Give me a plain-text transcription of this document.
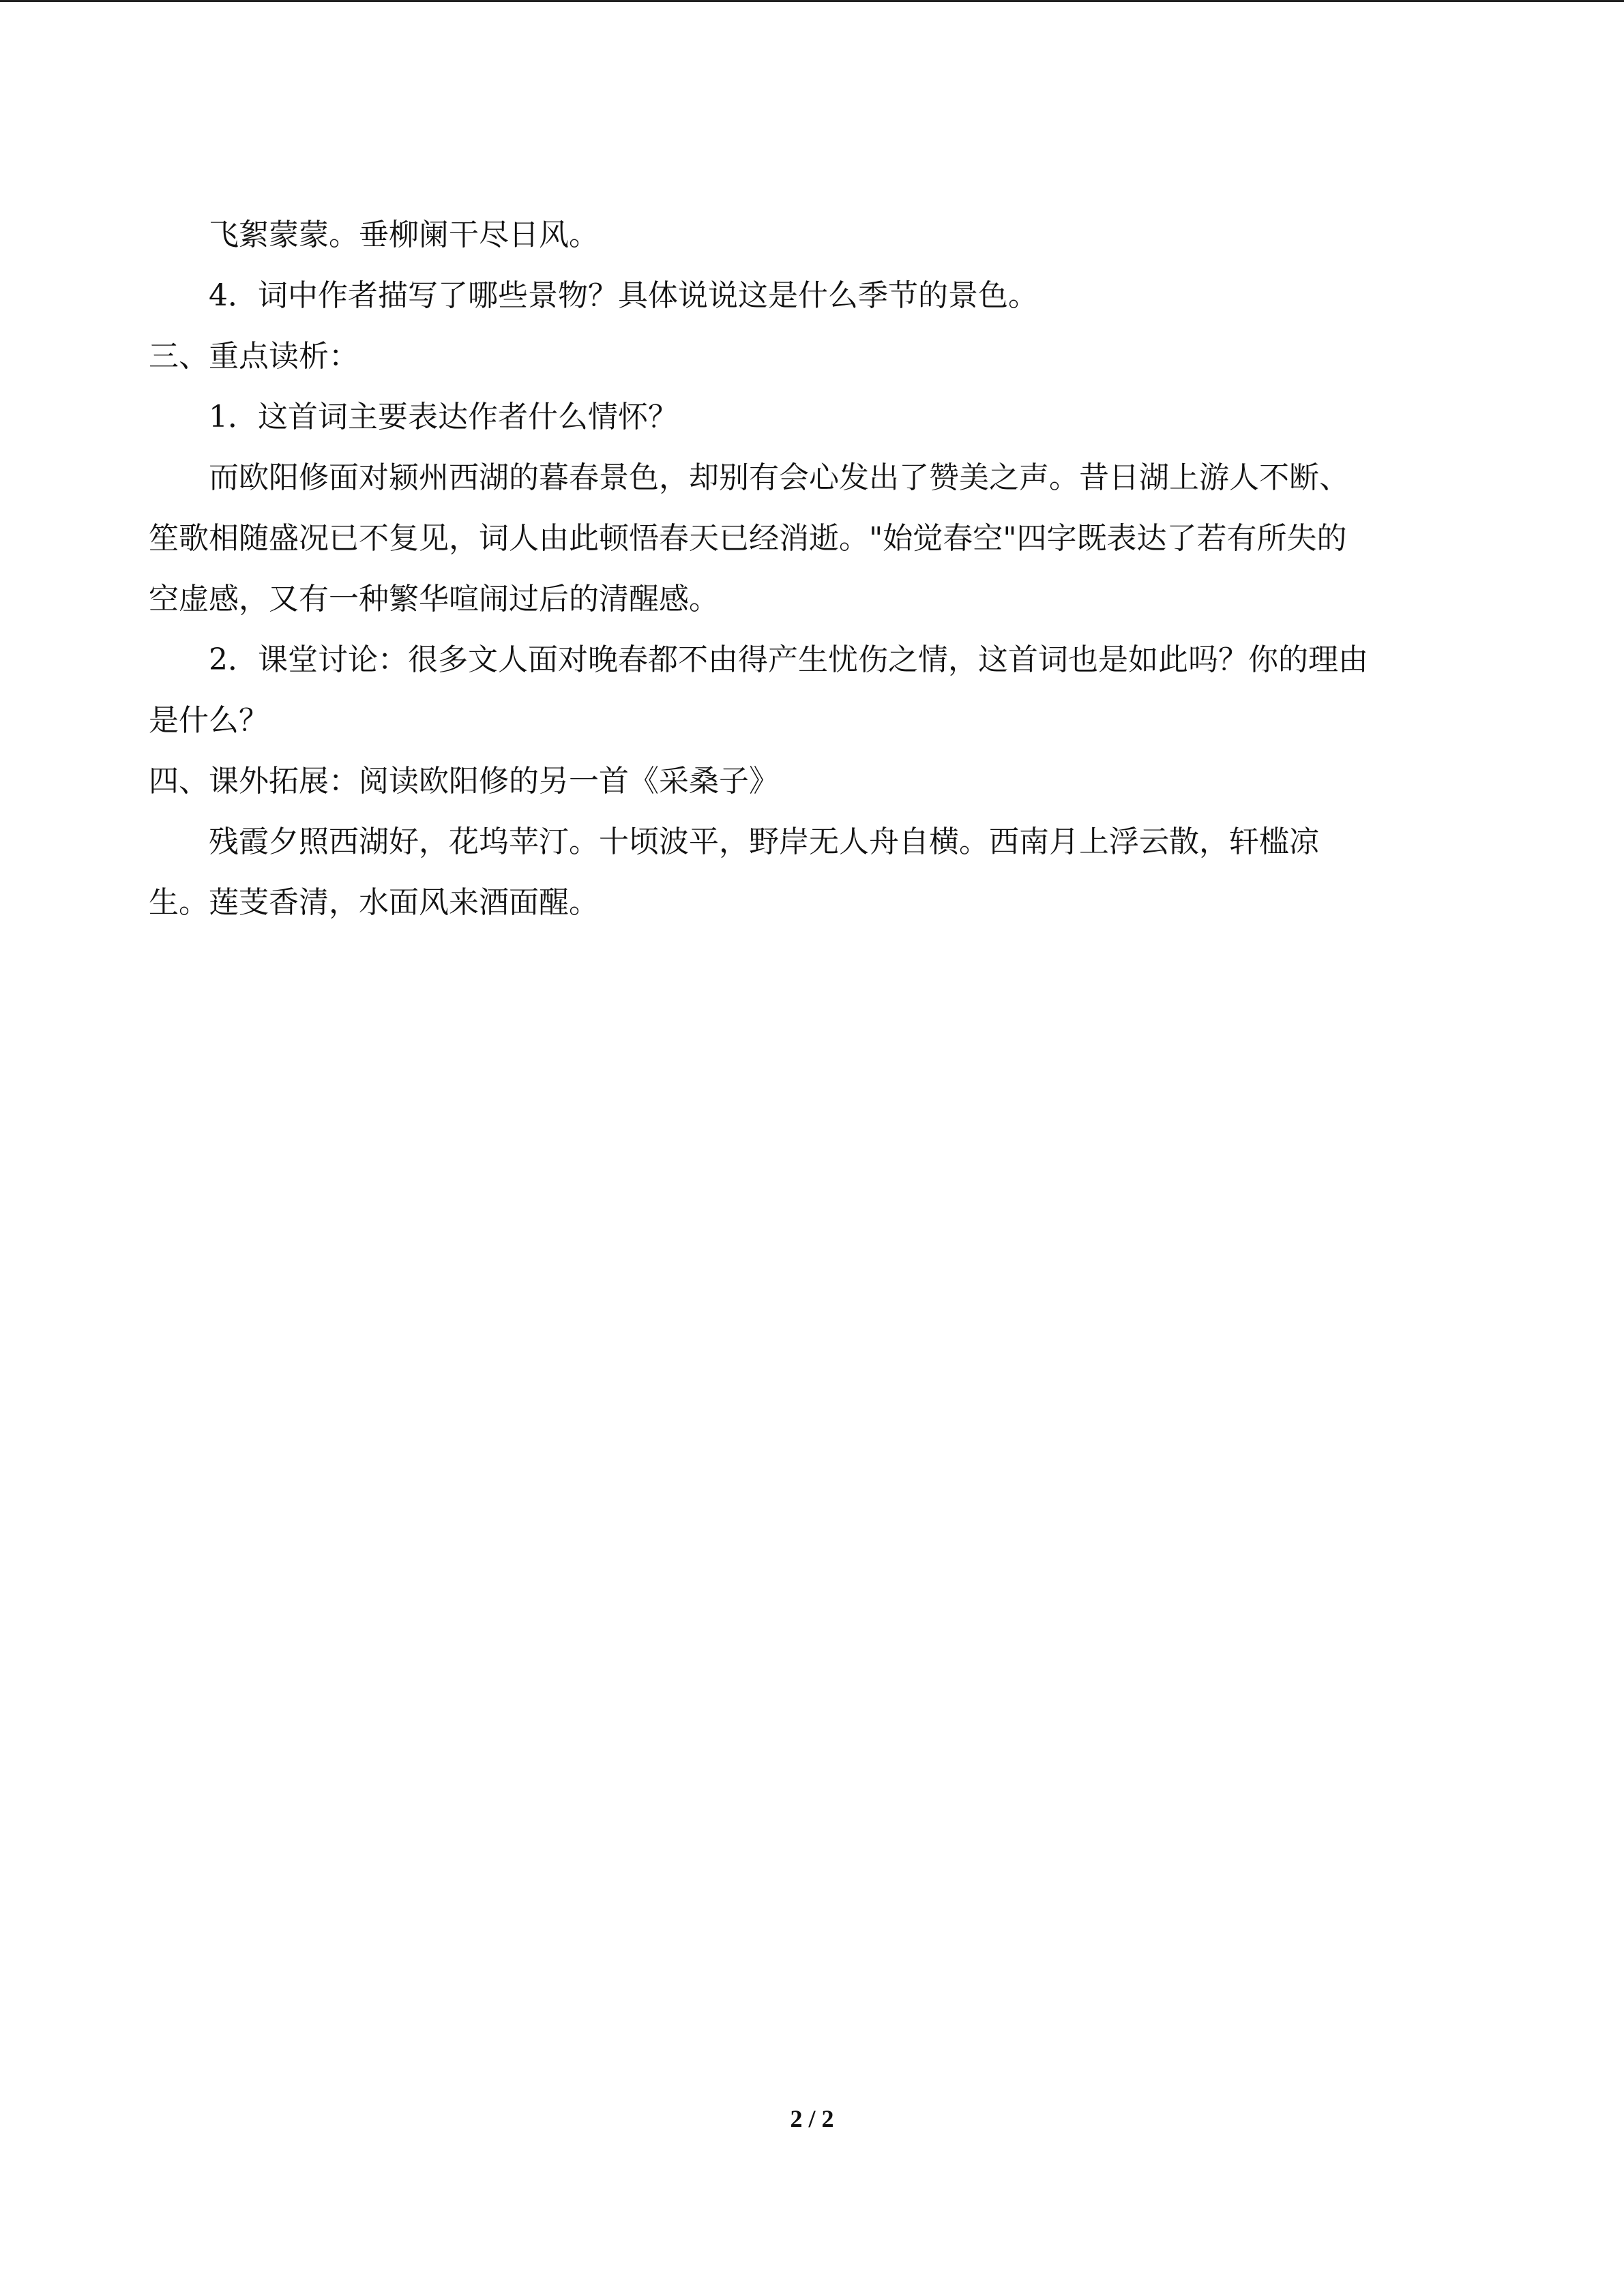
飞絮蒙蒙。垂柳阑干尽日风。
4．词中作者描写了哪些景物？具体说说这是什么季节的景色。
三、重点读析：
1．这首词主要表达作者什么情怀？
而欧阳修面对颍州西湖的暮春景色，却别有会心发出了赞美之声。昔日湖上游人不断、
笙歌相随盛况已不复见，词人由此顿悟春天已经消逝。"始觉春空"四字既表达了若有所失的
空虚感，又有一种繁华喧闹过后的清醒感。
2．课堂讨论：很多文人面对晚春都不由得产生忧伤之情，这首词也是如此吗？你的理由
是什么？
四、课外拓展：阅读欧阳修的另一首《采桑子》
残霞夕照西湖好，花坞苹汀。十顷波平，野岸无人舟自横。西南月上浮云散，轩槛凉
生。莲芰香清，水面风来酒面醒。
2 / 2
